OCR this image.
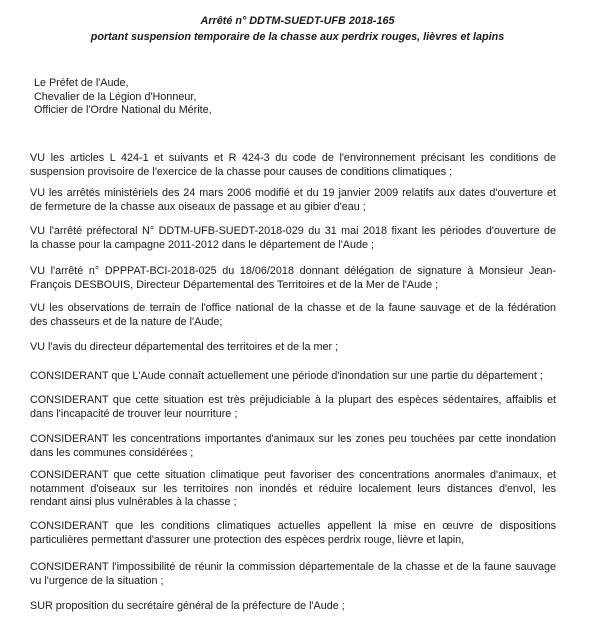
Arrêté n° DDTM-SUEDT-UFB 2018-165
portant suspension temporaire de la chasse aux perdrix rouges, lièvres et lapins
Le Préfet de l'Aude,
Chevalier de la Légion d'Honneur,
Officier de l'Ordre National du Mérite,
VU les articles L 424-1 et suivants et R 424-3 du code de l'environnement précisant les conditions de
suspension provisoire de l'exercice de la chasse pour causes de conditions climatiques ;
VU les arrêtés ministériels des 24 mars 2006 modifié et du 19 janvier 2009 relatifs aux dates d'ouverture et
de fermeture de la chasse aux oiseaux de passage et au gibier d'eau ;
VU l'arrêté préfectoral N° DDTM-UFB-SUEDT-2018-029 du 31 mai 2018 fixant les périodes d'ouverture de
la chasse pour la campagne 2011-2012 dans le département de l'Aude ;
VU l'arrêté n° DPPPAT-BCI-2018-025 du 18/06/2018 donnant délégation de signature à Monsieur Jean-
François DESBOUIS, Directeur Départemental des Territoires et de la Mer de l'Aude ;
VU les observations de terrain de l'office national de la chasse et de la faune sauvage et de la fédération
des chasseurs et de la nature de l'Aude;
VU l'avis du directeur départemental des territoires et de la mer ;
CONSIDERANT que L'Aude connaît actuellement une période d'inondation sur une partie du département ;
CONSIDERANT que cette situation est très préjudiciable à la plupart des espèces sédentaires, affaiblis et
dans l'incapacité de trouver leur nourriture ;
CONSIDERANT les concentrations importantes d'animaux sur les zones peu touchées par cette inondation
dans les communes considérées ;
CONSIDERANT que cette situation climatique peut favoriser des concentrations anormales d'animaux, et
notamment d'oiseaux sur les territoires non inondés et réduire localement leurs distances d'envol, les
rendant ainsi plus vulnérables à la chasse ;
CONSIDERANT que les conditions climatiques actuelles appellent la mise en œuvre de dispositions
particulières permettant d'assurer une protection des espèces perdrix rouge, lièvre et lapin,
CONSIDERANT l'impossibilité de réunir la commission départementale de la chasse et de la faune sauvage
vu l'urgence de la situation ;
SUR proposition du secrétaire général de la préfecture de l'Aude ;
